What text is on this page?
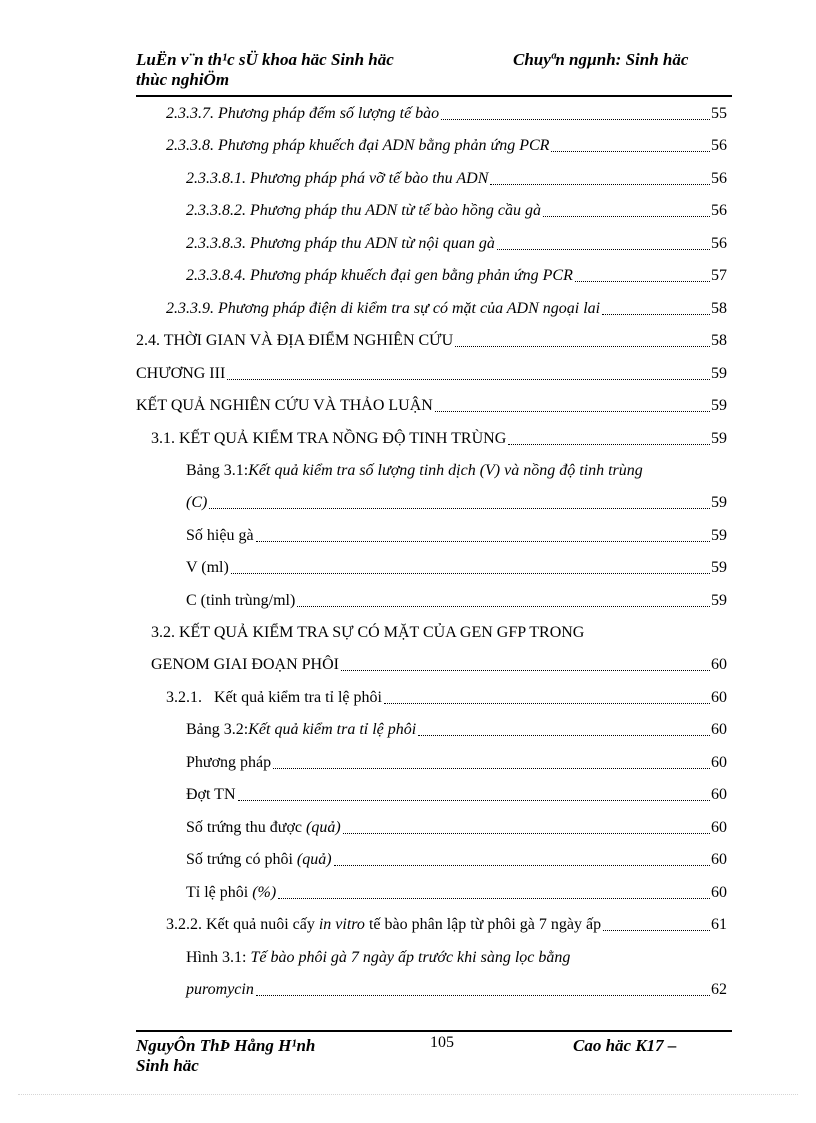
LuËn v¨n th¹c sÜ khoa häc Sinh häc
thùc nghiÖm
Chuyªn ngµnh: Sinh häc
2.3.3.7. Phương pháp đếm số lượng tế bào	55
2.3.3.8. Phương pháp khuếch đại ADN bằng phản ứng PCR	56
2.3.3.8.1. Phương pháp phá vỡ tế bào thu ADN	56
2.3.3.8.2. Phương pháp thu ADN từ tế bào hồng cầu gà	56
2.3.3.8.3. Phương pháp thu ADN từ nội quan gà	56
2.3.3.8.4. Phương pháp khuếch đại gen bằng phản ứng PCR	57
2.3.3.9. Phương pháp điện di kiểm tra sự có mặt của ADN ngoại lai	58
2.4. THỜI GIAN VÀ ĐỊA ĐIỂM NGHIÊN CỨU	58
CHƯƠNG III	59
KẾT QUẢ NGHIÊN CỨU VÀ THẢO LUẬN	59
3.1. KẾT QUẢ KIỂM TRA NỒNG ĐỘ TINH TRÙNG	59
Bảng 3.1: Kết quả kiểm tra số lượng tinh dịch (V) và nồng độ tinh trùng
(C)	59
Số hiệu gà	59
V (ml)	59
C (tinh trùng/ml)	59
3.2. KẾT QUẢ KIỂM TRA SỰ CÓ MẶT CỦA GEN GFP TRONG
GENOM GIAI ĐOẠN PHÔI	60
3.2.1.   Kết quả kiểm tra tỉ lệ phôi	60
Bảng 3.2: Kết quả kiểm tra tỉ lệ phôi	60
Phương pháp	60
Đợt TN	60
Số trứng thu được (quả)	60
Số trứng có phôi (quả)	60
Tỉ lệ phôi (%)	60
3.2.2. Kết quả nuôi cấy in vitro tế bào phân lập từ phôi gà 7 ngày ấp	61
Hình 3.1: Tế bào phôi gà 7 ngày ấp trước khi sàng lọc bằng
puromycin	62
NguyÔn ThÞ Hång H¹nh
Sinh häc
105	Cao häc K17 –
